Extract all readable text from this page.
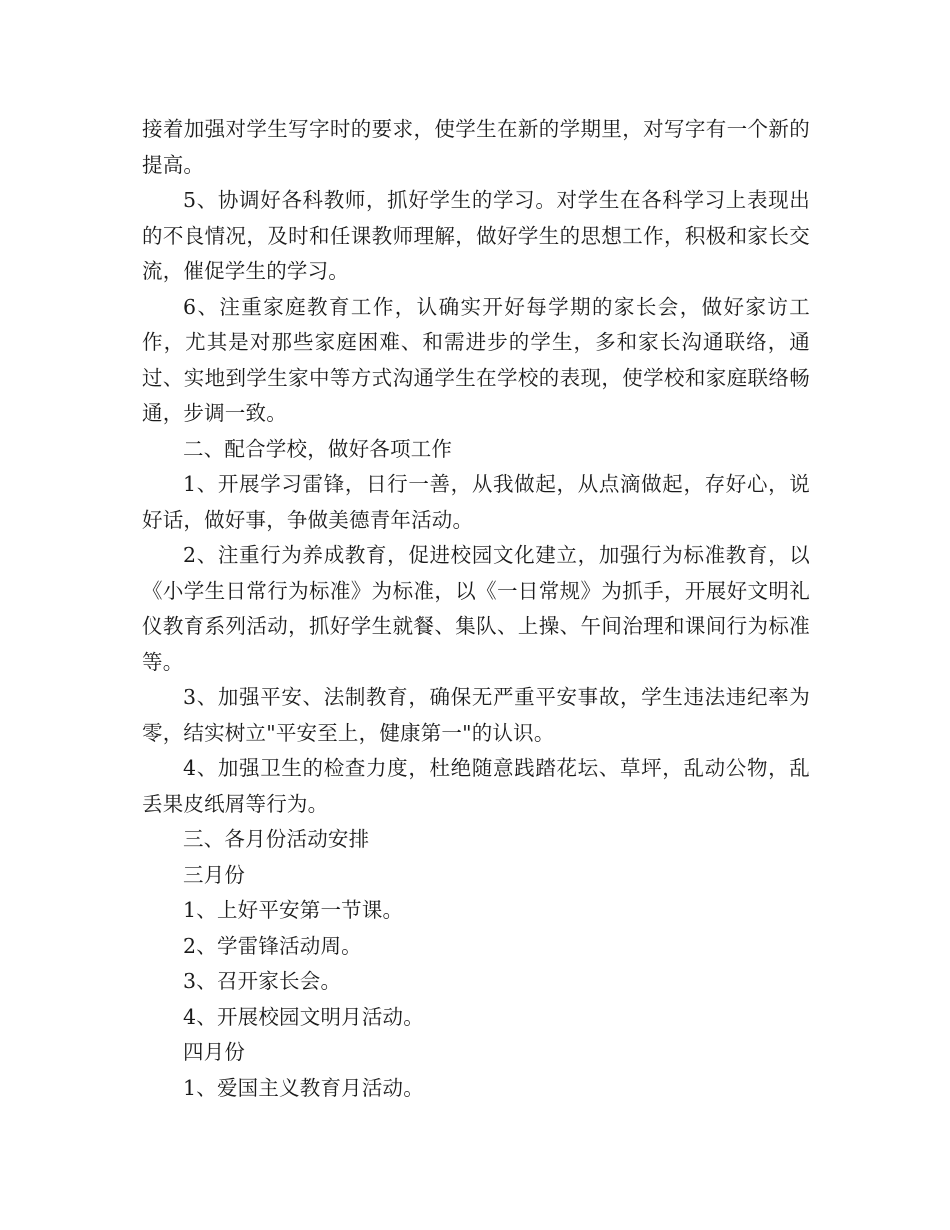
接着加强对学生写字时的要求，使学生在新的学期里，对写字有一个新的提高。

5、协调好各科教师，抓好学生的学习。对学生在各科学习上表现出的不良情况，及时和任课教师理解，做好学生的思想工作，积极和家长交流，催促学生的学习。

6、注重家庭教育工作，认确实开好每学期的家长会，做好家访工作，尤其是对那些家庭困难、和需进步的学生，多和家长沟通联络，通过、实地到学生家中等方式沟通学生在学校的表现，使学校和家庭联络畅通，步调一致。

二、配合学校，做好各项工作

1、开展学习雷锋，日行一善，从我做起，从点滴做起，存好心，说好话，做好事，争做美德青年活动。

2、注重行为养成教育，促进校园文化建立，加强行为标准教育，以《小学生日常行为标准》为标准，以《一日常规》为抓手，开展好文明礼仪教育系列活动，抓好学生就餐、集队、上操、午间治理和课间行为标准等。

3、加强平安、法制教育，确保无严重平安事故，学生违法违纪率为零，结实树立"平安至上，健康第一"的认识。

4、加强卫生的检查力度，杜绝随意践踏花坛、草坪，乱动公物，乱丢果皮纸屑等行为。

三、各月份活动安排

三月份

1、上好平安第一节课。

2、学雷锋活动周。

3、召开家长会。

4、开展校园文明月活动。

四月份

1、爱国主义教育月活动。
